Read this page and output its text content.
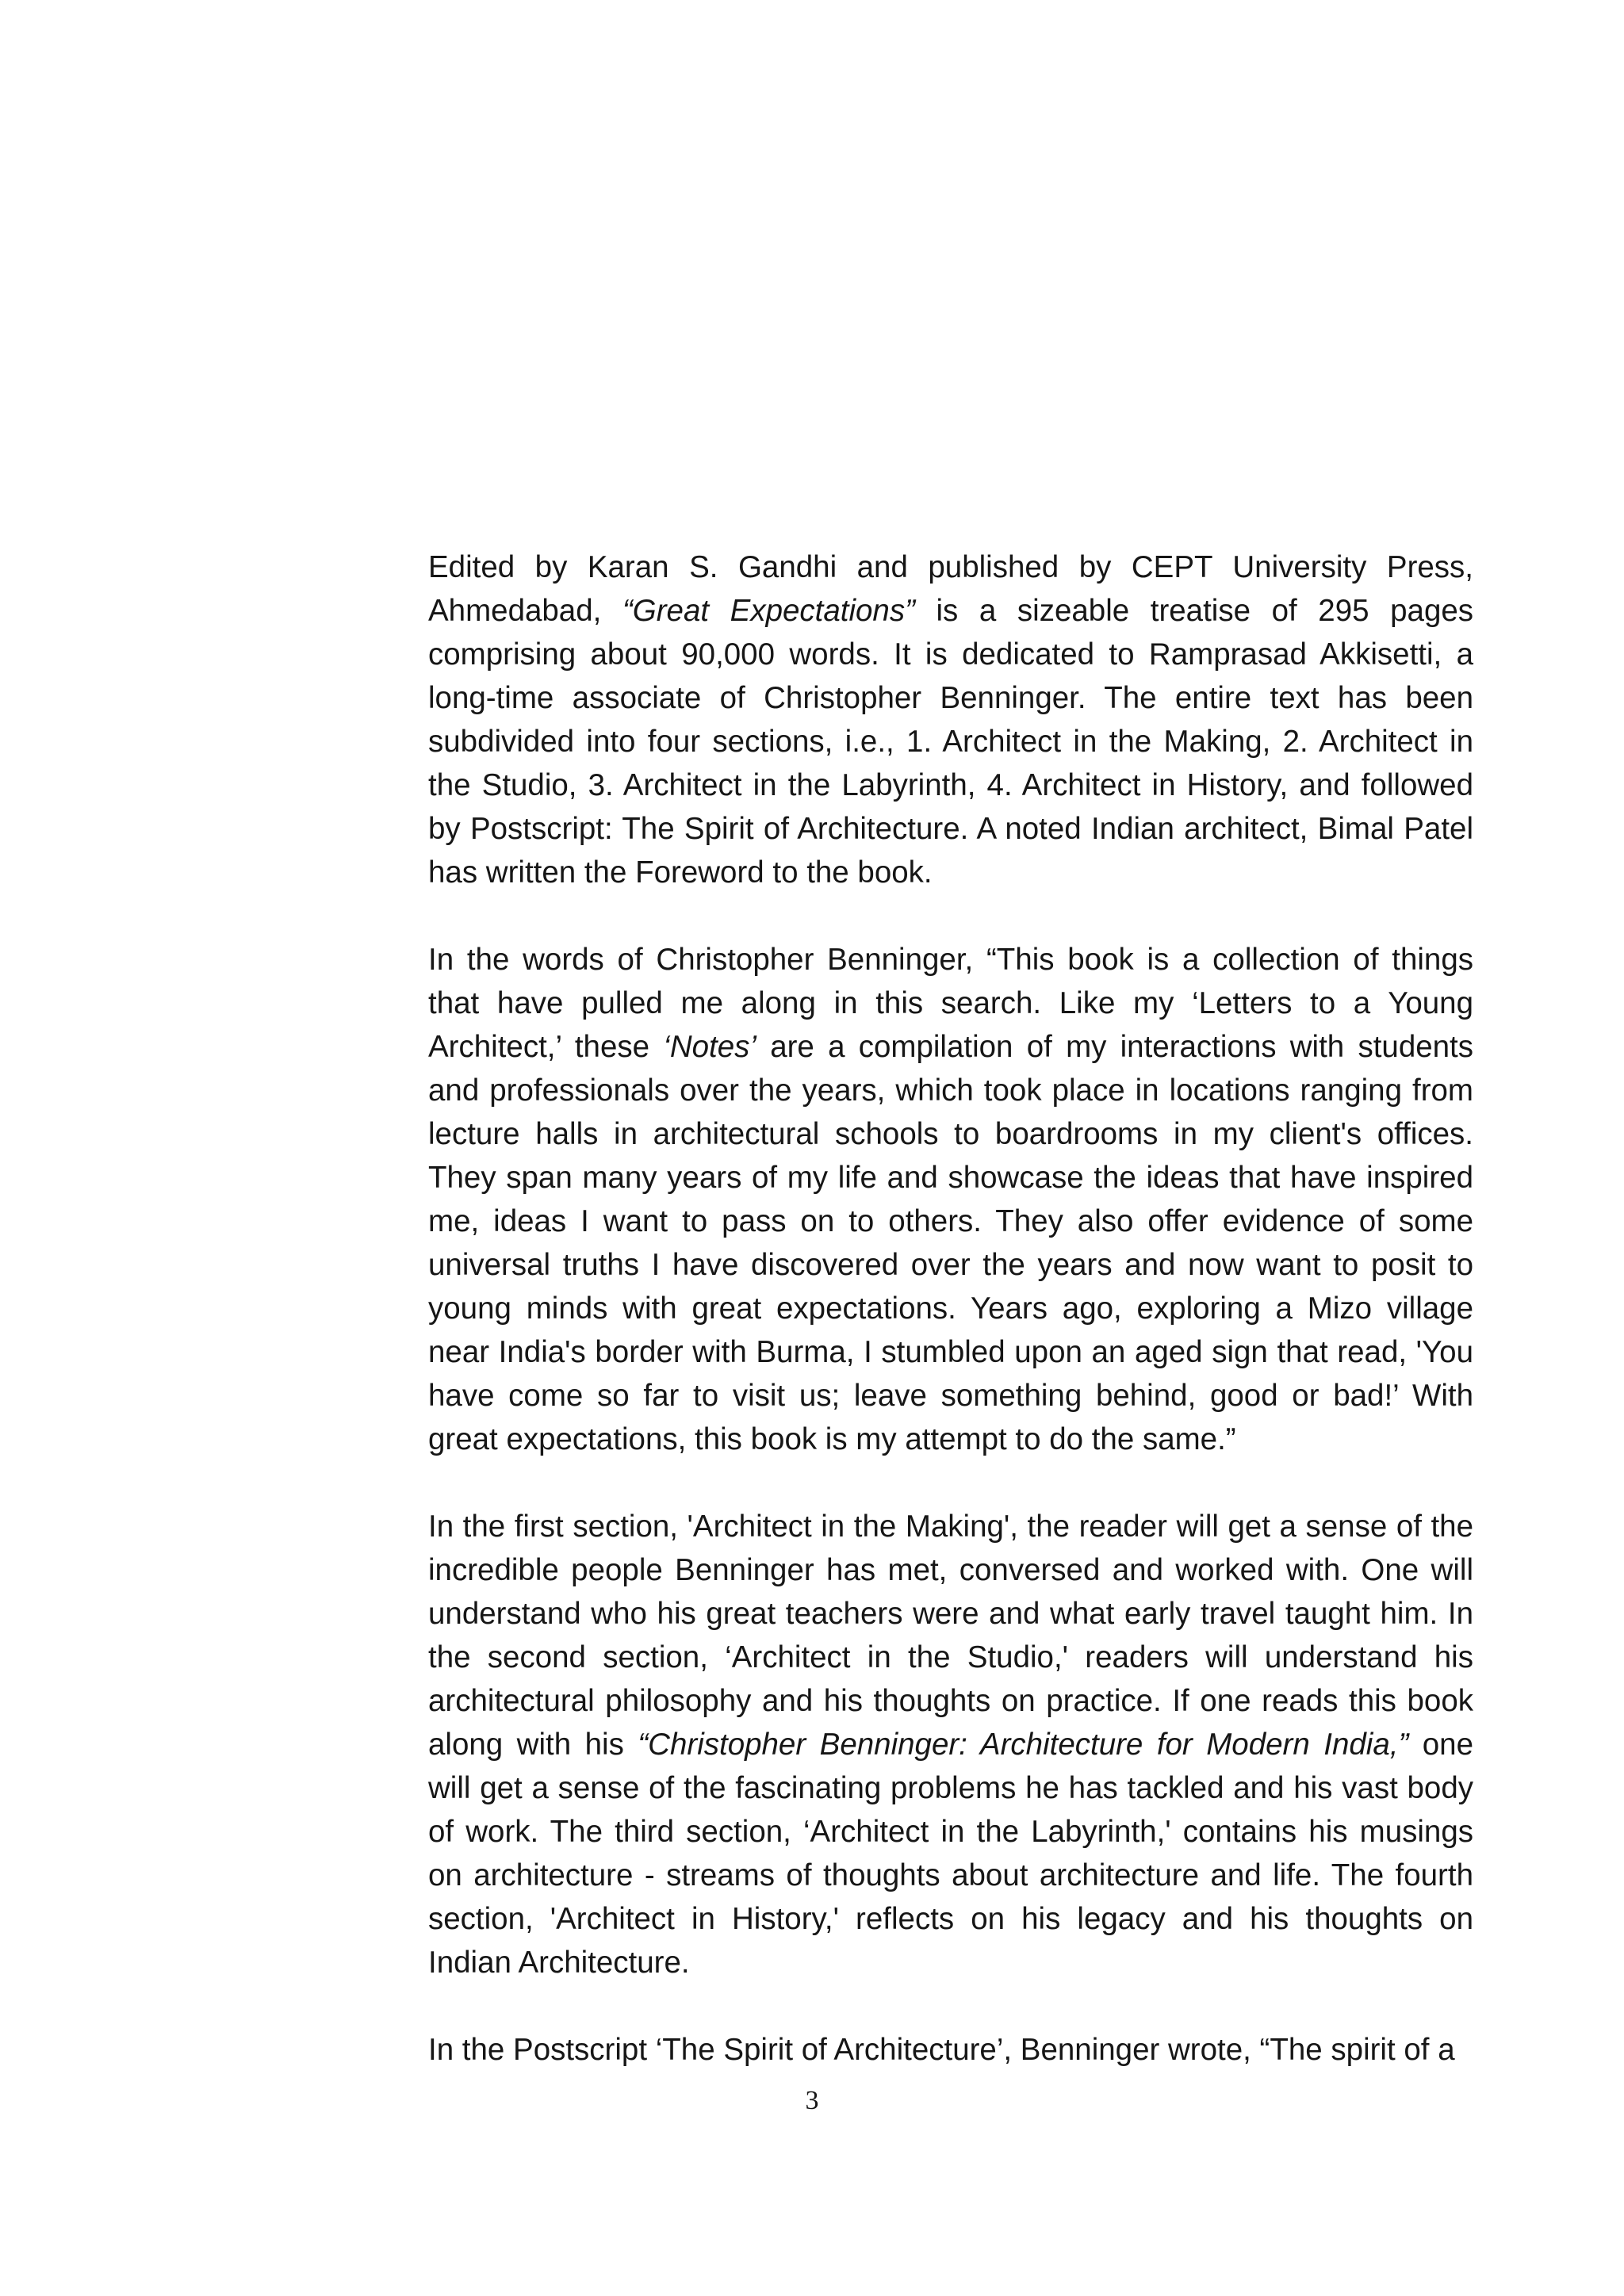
Edited by Karan S. Gandhi and published by CEPT University Press, Ahmedabad, “Great Expectations” is a sizeable treatise of 295 pages comprising about 90,000 words. It is dedicated to Ramprasad Akkisetti, a long-time associate of Christopher Benninger. The entire text has been subdivided into four sections, i.e., 1. Architect in the Making, 2. Architect in the Studio, 3. Architect in the Labyrinth, 4. Architect in History, and followed by Postscript: The Spirit of Architecture. A noted Indian architect, Bimal Patel has written the Foreword to the book.

In the words of Christopher Benninger, “This book is a collection of things that have pulled me along in this search. Like my ‘Letters to a Young Architect,’ these ‘Notes’ are a compilation of my interactions with students and professionals over the years, which took place in locations ranging from lecture halls in architectural schools to boardrooms in my client's offices. They span many years of my life and showcase the ideas that have inspired me, ideas I want to pass on to others. They also offer evidence of some universal truths I have discovered over the years and now want to posit to young minds with great expectations. Years ago, exploring a Mizo village near India's border with Burma, I stumbled upon an aged sign that read, 'You have come so far to visit us; leave something behind, good or bad!’ With great expectations, this book is my attempt to do the same.”

In the first section, 'Architect in the Making', the reader will get a sense of the incredible people Benninger has met, conversed and worked with. One will understand who his great teachers were and what early travel taught him. In the second section, ‘Architect in the Studio,' readers will understand his architectural philosophy and his thoughts on practice. If one reads this book along with his “Christopher Benninger: Architecture for Modern India,” one will get a sense of the fascinating problems he has tackled and his vast body of work. The third section, ‘Architect in the Labyrinth,' contains his musings on architecture - streams of thoughts about architecture and life. The fourth section, 'Architect in History,' reflects on his legacy and his thoughts on Indian Architecture.

In the Postscript ‘The Spirit of Architecture’, Benninger wrote, “The spirit of a

3
